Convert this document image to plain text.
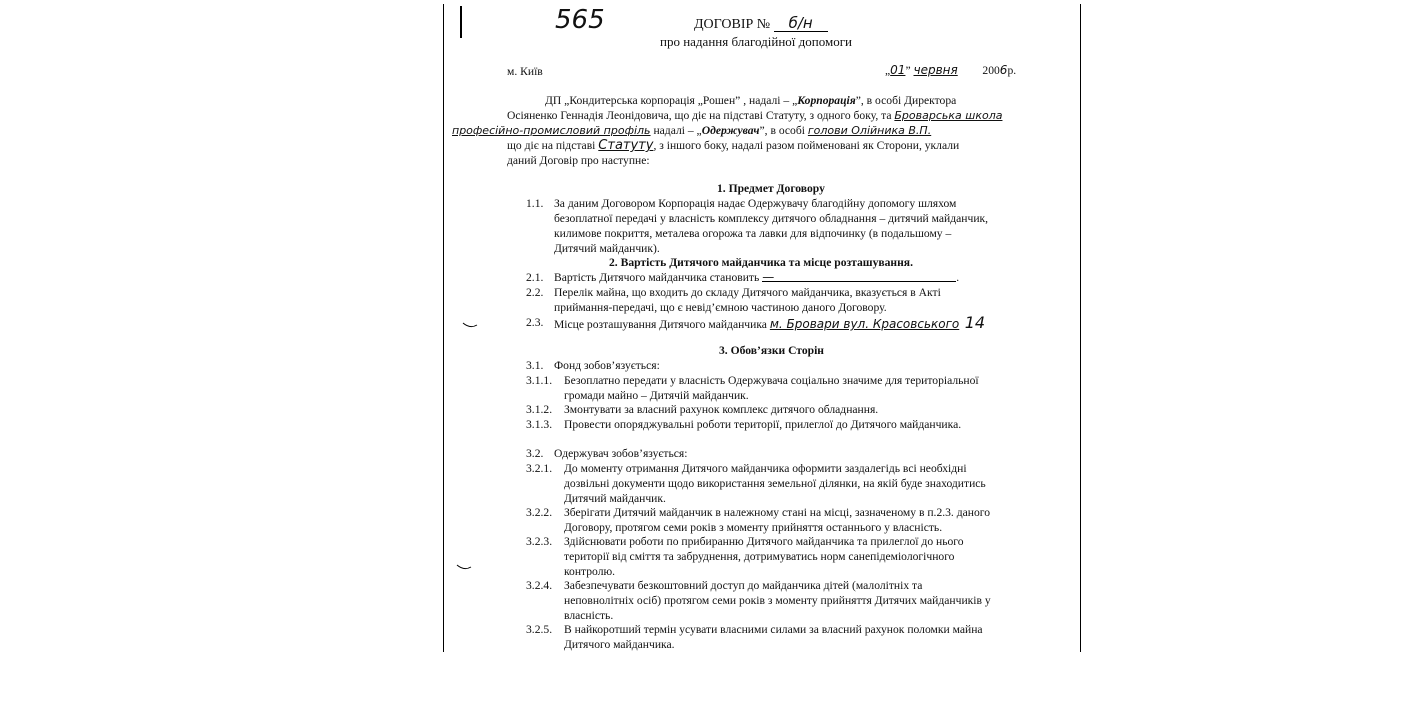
565	ДОГОВІР № б/н
про надання благодійної допомоги
м. Київ	„01” червня 2006р.
ДП „Кондитерська корпорація „Рошен” , надалі – „Корпорація”, в особі Директора
Осіяненко Геннадія Леонідовича, що діє на підставі Статуту, з одного боку, та Броварська школа
професійно-промисловий профіль надалі – „Одержувач”, в особі голови Олійника В.П.
що діє на підставі Статуту, з іншого боку, надалі разом пойменовані як Сторони, уклали
даний Договір про наступне:
1. Предмет Договору
1.1. За даним Договором Корпорація надає Одержувачу благодійну допомогу шляхом
безоплатної передачі у власність комплексу дитячого обладнання – дитячий майданчик,
килимове покриття, металева огорожа та лавки для відпочинку (в подальшому –
Дитячий майданчик).
2. Вартість Дитячого майданчика та місце розташування.
2.1. Вартість Дитячого майданчика становить —	.
2.2. Перелік майна, що входить до складу Дитячого майданчика, вказується в Акті
приймання-передачі, що є невід’ємною частиною даного Договору.
2.3. Місце розташування Дитячого майданчика м. Бровари вул. Красовського 14
3. Обов’язки Сторін
3.1. Фонд зобов’язується:
3.1.1. Безоплатно передати у власність Одержувача соціально значиме для територіальної
громади майно – Дитячій майданчик.
3.1.2. Змонтувати за власний рахунок комплекс дитячого обладнання.
3.1.3. Провести опоряджувальні роботи території, прилеглої до Дитячого майданчика.
3.2. Одержувач зобов’язується:
3.2.1. До моменту отримання Дитячого майданчика оформити заздалегідь всі необхідні
дозвільні документи щодо використання земельної ділянки, на якій буде знаходитись
Дитячий майданчик.
3.2.2. Зберігати Дитячий майданчик в належному стані на місці, зазначеному в п.2.3. даного
Договору, протягом семи років з моменту прийняття останнього у власність.
3.2.3. Здійснювати роботи по прибиранню Дитячого майданчика та прилеглої до нього
території від сміття та забруднення, дотримуватись норм санепідеміологічного
контролю.
3.2.4. Забезпечувати безкоштовний доступ до майданчика дітей (малолітніх та
неповнолітніх осіб) протягом семи років з моменту прийняття Дитячих майданчиків у
власність.
3.2.5. В найкоротший термін усувати власними силами за власний рахунок поломки майна
Дитячого майданчика.
